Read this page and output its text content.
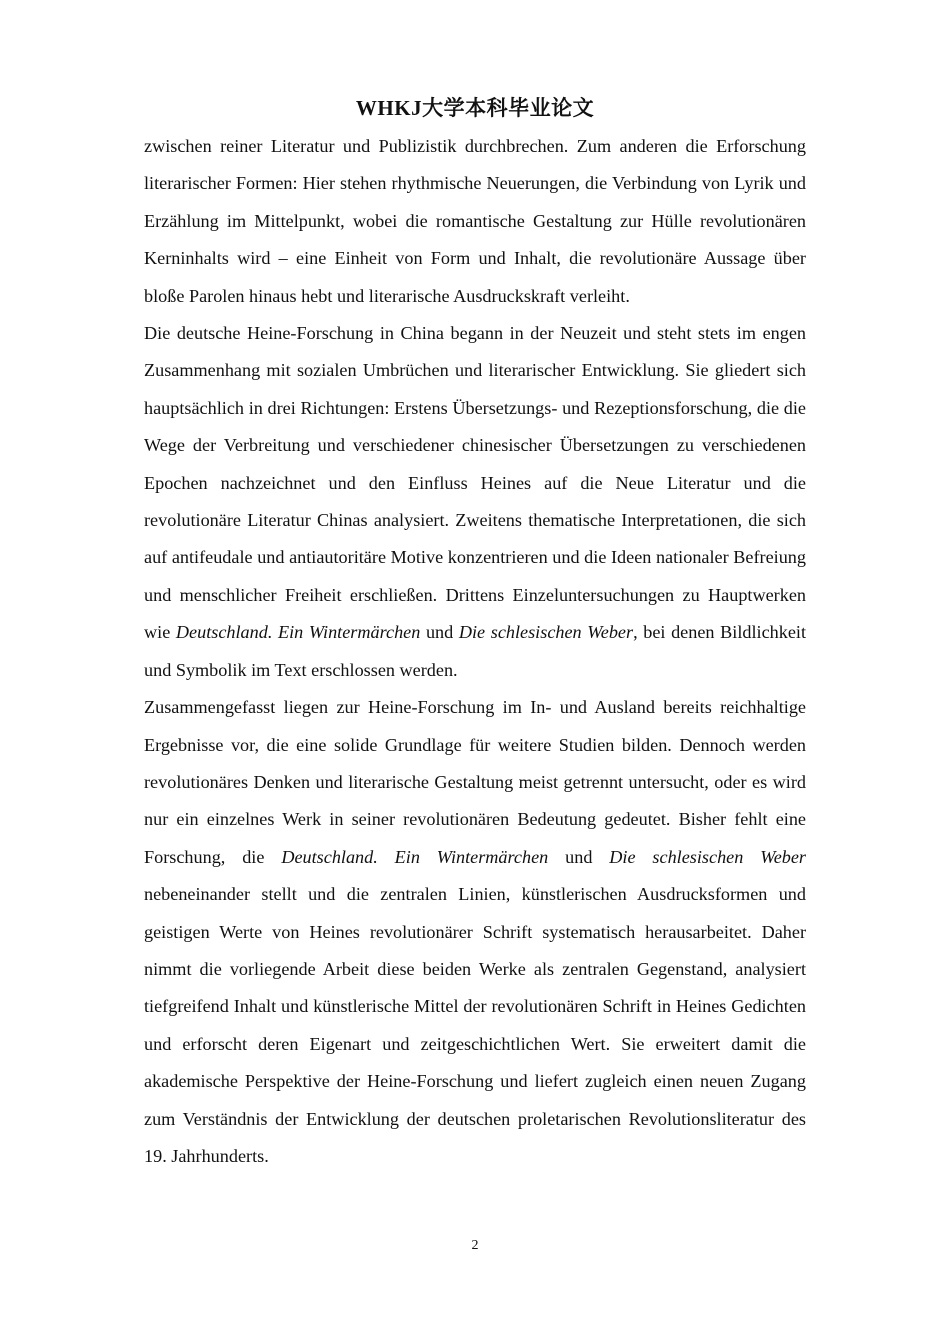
WHKJ大学本科毕业论文

zwischen reiner Literatur und Publizistik durchbrechen. Zum anderen die Erforschung literarischer Formen: Hier stehen rhythmische Neuerungen, die Verbindung von Lyrik und Erzählung im Mittelpunkt, wobei die romantische Gestaltung zur Hülle revolutionären Kerninhalts wird – eine Einheit von Form und Inhalt, die revolutionäre Aussage über bloße Parolen hinaus hebt und literarische Ausdruckskraft verleiht.

Die deutsche Heine-Forschung in China begann in der Neuzeit und steht stets im engen Zusammenhang mit sozialen Umbrüchen und literarischer Entwicklung. Sie gliedert sich hauptsächlich in drei Richtungen: Erstens Übersetzungs- und Rezeptionsforschung, die die Wege der Verbreitung und verschiedener chinesischer Übersetzungen zu verschiedenen Epochen nachzeichnet und den Einfluss Heines auf die Neue Literatur und die revolutionäre Literatur Chinas analysiert. Zweitens thematische Interpretationen, die sich auf antifeudale und antiautoritäre Motive konzentrieren und die Ideen nationaler Befreiung und menschlicher Freiheit erschließen. Drittens Einzeluntersuchungen zu Hauptwerken wie Deutschland. Ein Wintermärchen und Die schlesischen Weber, bei denen Bildlichkeit und Symbolik im Text erschlossen werden.

Zusammengefasst liegen zur Heine-Forschung im In- und Ausland bereits reichhaltige Ergebnisse vor, die eine solide Grundlage für weitere Studien bilden. Dennoch werden revolutionäres Denken und literarische Gestaltung meist getrennt untersucht, oder es wird nur ein einzelnes Werk in seiner revolutionären Bedeutung gedeutet. Bisher fehlt eine Forschung, die Deutschland. Ein Wintermärchen und Die schlesischen Weber nebeneinander stellt und die zentralen Linien, künstlerischen Ausdrucksformen und geistigen Werte von Heines revolutionärer Schrift systematisch herausarbeitet. Daher nimmt die vorliegende Arbeit diese beiden Werke als zentralen Gegenstand, analysiert tiefgreifend Inhalt und künstlerische Mittel der revolutionären Schrift in Heines Gedichten und erforscht deren Eigenart und zeitgeschichtlichen Wert. Sie erweitert damit die akademische Perspektive der Heine-Forschung und liefert zugleich einen neuen Zugang zum Verständnis der Entwicklung der deutschen proletarischen Revolutionsliteratur des 19. Jahrhunderts.

2
